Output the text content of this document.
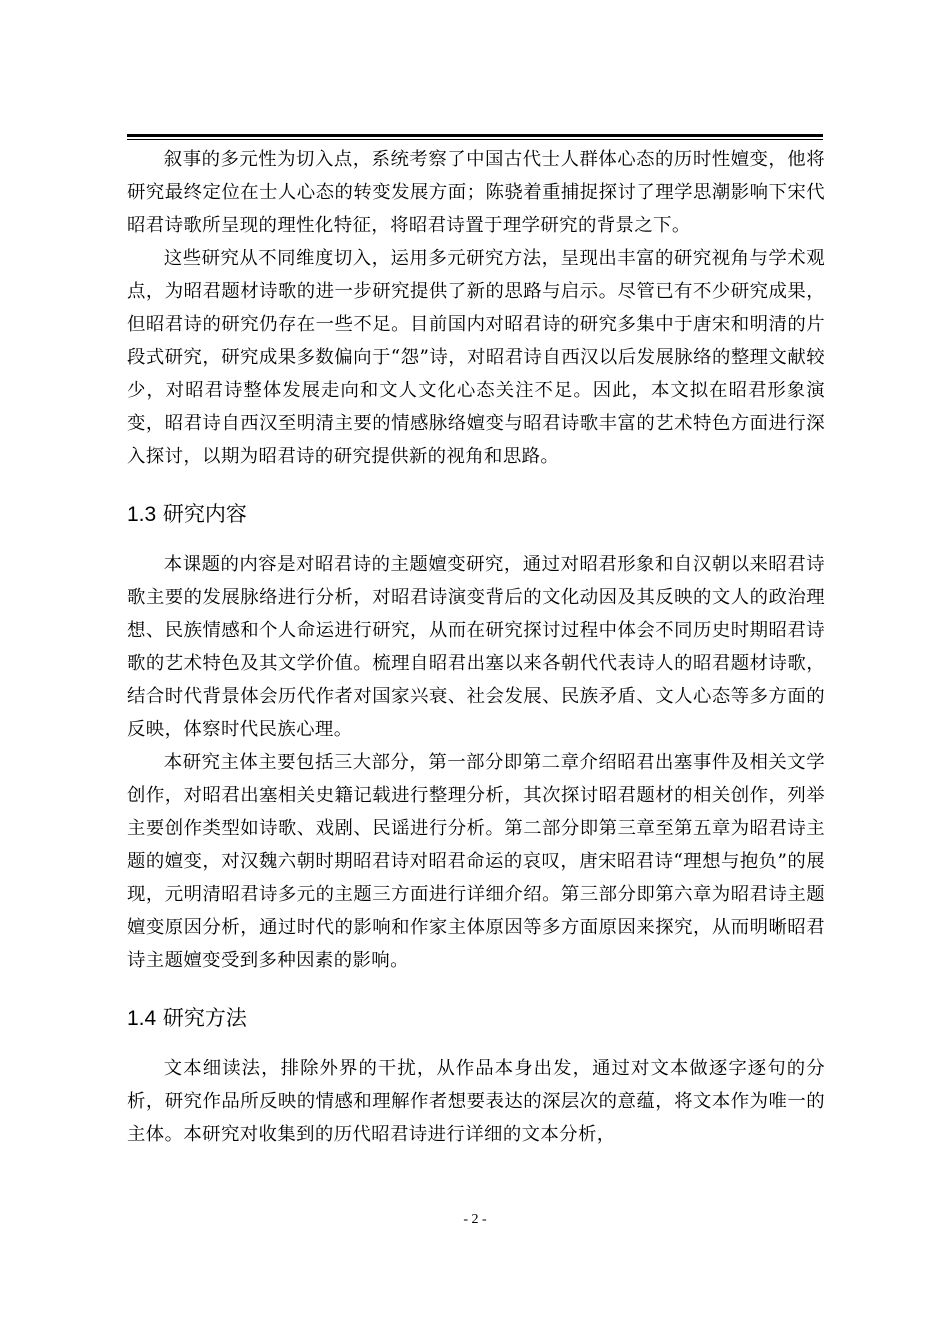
叙事的多元性为切入点，系统考察了中国古代士人群体心态的历时性嬗变，他将研究最终定位在士人心态的转变发展方面；陈骁着重捕捉探讨了理学思潮影响下宋代昭君诗歌所呈现的理性化特征，将昭君诗置于理学研究的背景之下。

这些研究从不同维度切入，运用多元研究方法，呈现出丰富的研究视角与学术观点，为昭君题材诗歌的进一步研究提供了新的思路与启示。尽管已有不少研究成果，但昭君诗的研究仍存在一些不足。目前国内对昭君诗的研究多集中于唐宋和明清的片段式研究，研究成果多数偏向于“怨”诗，对昭君诗自西汉以后发展脉络的整理文献较少，对昭君诗整体发展走向和文人文化心态关注不足。因此，本文拟在昭君形象演变，昭君诗自西汉至明清主要的情感脉络嬗变与昭君诗歌丰富的艺术特色方面进行深入探讨，以期为昭君诗的研究提供新的视角和思路。

1.3 研究内容

本课题的内容是对昭君诗的主题嬗变研究，通过对昭君形象和自汉朝以来昭君诗歌主要的发展脉络进行分析，对昭君诗演变背后的文化动因及其反映的文人的政治理想、民族情感和个人命运进行研究，从而在研究探讨过程中体会不同历史时期昭君诗歌的艺术特色及其文学价值。梳理自昭君出塞以来各朝代代表诗人的昭君题材诗歌，结合时代背景体会历代作者对国家兴衰、社会发展、民族矛盾、文人心态等多方面的反映，体察时代民族心理。

本研究主体主要包括三大部分，第一部分即第二章介绍昭君出塞事件及相关文学创作，对昭君出塞相关史籍记载进行整理分析，其次探讨昭君题材的相关创作，列举主要创作类型如诗歌、戏剧、民谣进行分析。第二部分即第三章至第五章为昭君诗主题的嬗变，对汉魏六朝时期昭君诗对昭君命运的哀叹，唐宋昭君诗“理想与抱负”的展现，元明清昭君诗多元的主题三方面进行详细介绍。第三部分即第六章为昭君诗主题嬗变原因分析，通过时代的影响和作家主体原因等多方面原因来探究，从而明晰昭君诗主题嬗变受到多种因素的影响。

1.4 研究方法

文本细读法，排除外界的干扰，从作品本身出发，通过对文本做逐字逐句的分析，研究作品所反映的情感和理解作者想要表达的深层次的意蕴，将文本作为唯一的主体。本研究对收集到的历代昭君诗进行详细的文本分析，

- 2 -
